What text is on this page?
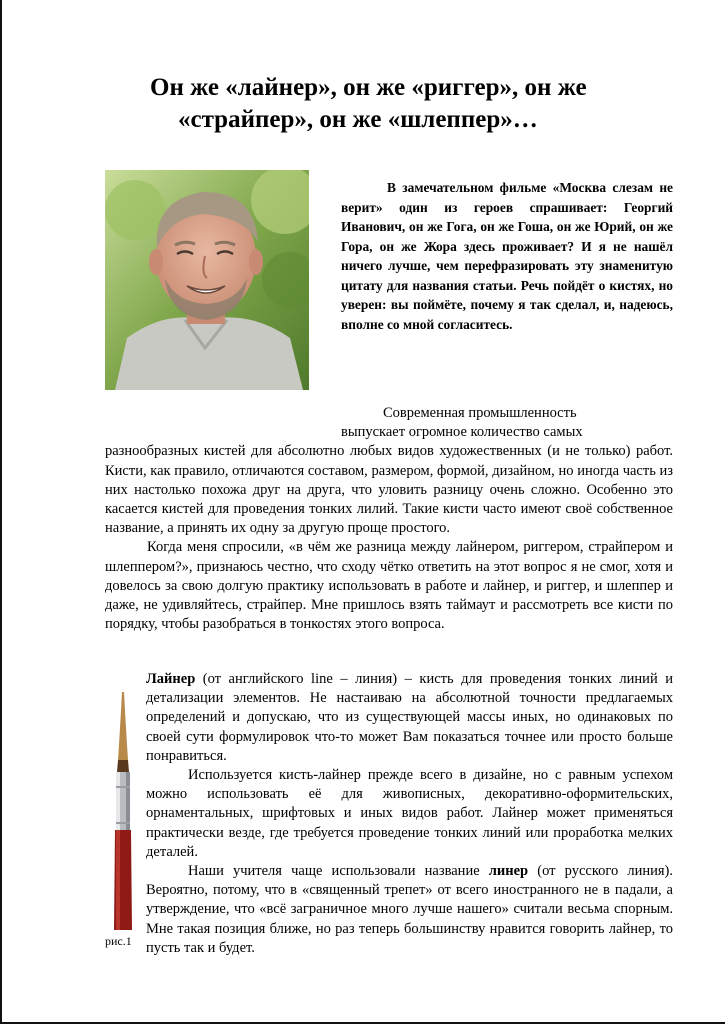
Он же «лайнер», он же «риггер», он же
«страйпер», он же «шлеппер»…

В замечательном фильме «Москва слезам не верит» один из героев спрашивает: Георгий Иванович, он же Гога, он же Гоша, он же Юрий, он же Гора, он же Жора здесь проживает? И я не нашёл ничего лучше, чем перефразировать эту знаменитую цитату для названия статьи. Речь пойдёт о кистях, но уверен: вы поймёте, почему я так сделал, и, надеюсь, вполне со мной согласитесь.

Современная промышленность

выпускает огромное количество самых

разнообразных кистей для абсолютно любых видов художественных (и не только) работ. Кисти, как правило, отличаются составом, размером, формой, дизайном, но иногда часть из них настолько похожа друг на друга, что уловить разницу очень сложно. Особенно это касается кистей для проведения тонких лилий. Такие кисти часто имеют своё собственное название, а принять их одну за другую проще простого.

Когда меня спросили, «в чём же разница между лайнером, риггером, страйпером и шлеппером?», признаюсь честно, что сходу чётко ответить на этот вопрос я не смог, хотя и довелось за свою долгую практику использовать в работе и лайнер, и риггер, и шлеппер и даже, не удивляйтесь, страйпер. Мне пришлось взять таймаут и рассмотреть все кисти по порядку, чтобы разобраться в тонкостях этого вопроса.

рис.1

Лайнер (от английского line – линия) – кисть для проведения тонких линий и детализации элементов. Не настаиваю на абсолютной точности предлагаемых определений и допускаю, что из существующей массы иных, но одинаковых по своей сути формулировок что-то может Вам показаться точнее или просто больше понравиться.

Используется кисть-лайнер прежде всего в дизайне, но с равным успехом можно использовать её для живописных, декоративно-оформительских, орнаментальных, шрифтовых и иных видов работ. Лайнер может применяться практически везде, где требуется проведение тонких линий или проработка мелких деталей.

Наши учителя чаще использовали название линер (от русского линия). Вероятно, потому, что в «священный трепет» от всего иностранного не в падали, а утверждение, что «всё заграничное много лучше нашего» считали весьма спорным. Мне такая позиция ближе, но раз теперь большинству нравится говорить лайнер, то пусть так и будет.
